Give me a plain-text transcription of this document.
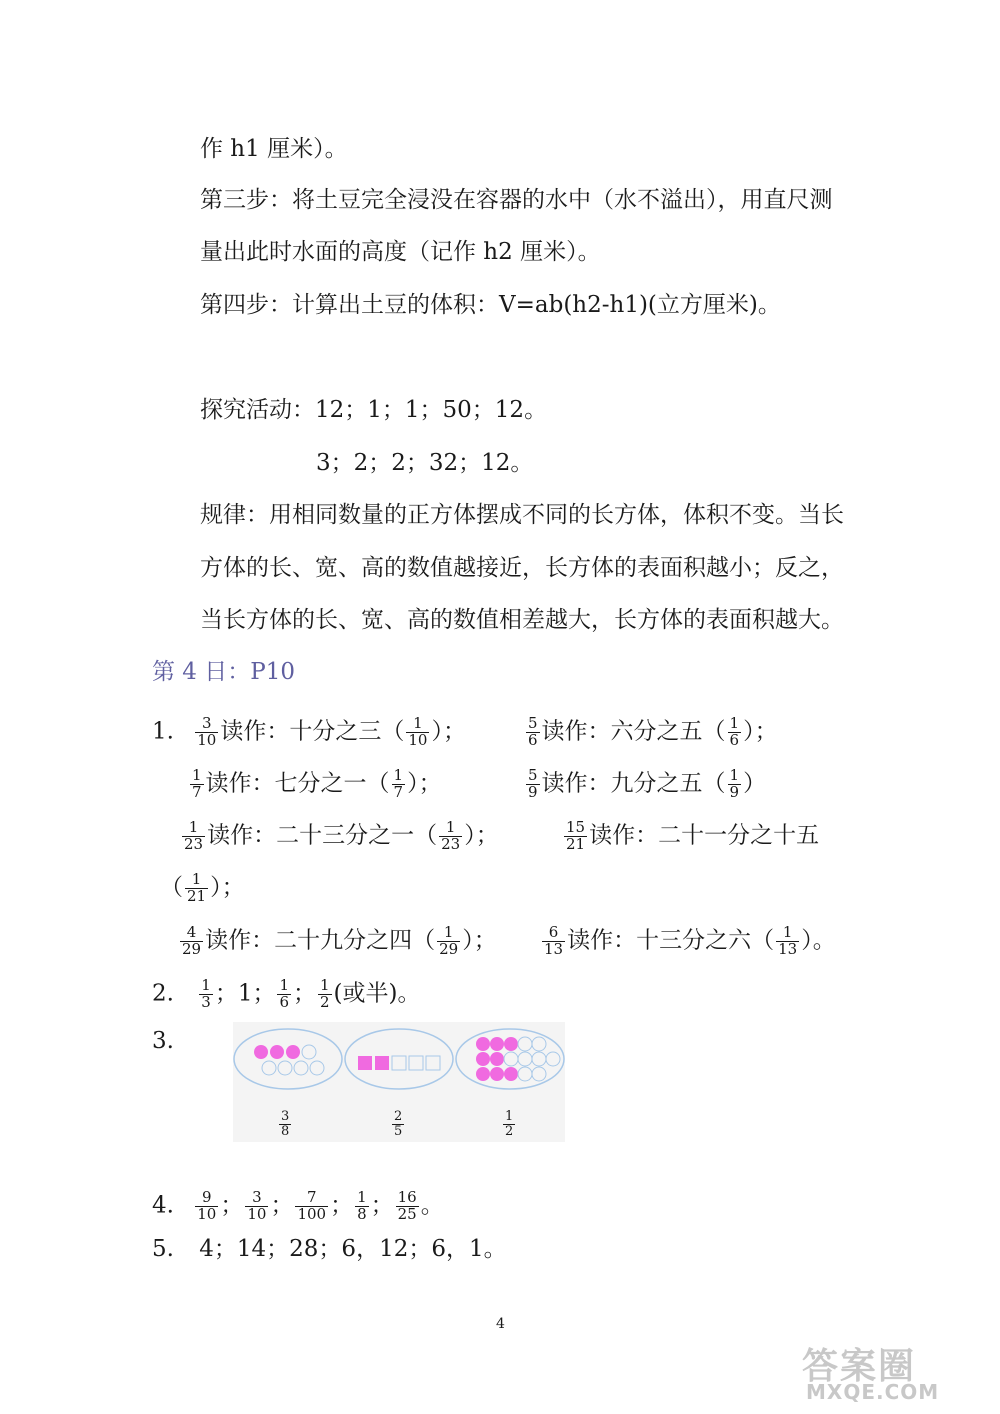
作 h1 厘米）。
第三步：将土豆完全浸没在容器的水中（水不溢出），用直尺测
量出此时水面的高度（记作 h2 厘米）。
第四步：计算出土豆的体积：V=ab(h2-h1)(立方厘米)。
探究活动：12；1；1；50；12。
3；2；2；32；12。
规律：用相同数量的正方体摆成不同的长方体，体积不变。当长
方体的长、宽、高的数值越接近，长方体的表面积越小；反之，
当长方体的长、宽、高的数值相差越大，长方体的表面积越大。
第 4 日：P10
1. $\frac{3}{10}$ 读作：十分之三（ $\frac{1}{10}$ ）；	$\frac{5}{6}$ 读作：六分之五（ $\frac{1}{6}$ ）；
$\frac{1}{7}$ 读作：七分之一（ $\frac{1}{7}$ ）；	$\frac{5}{9}$ 读作：九分之五（ $\frac{1}{9}$ ）
$\frac{1}{23}$ 读作：二十三分之一（ $\frac{1}{23}$ ）；	$\frac{15}{21}$ 读作：二十一分之十五
（ $\frac{1}{21}$ ）；
$\frac{4}{29}$ 读作：二十九分之四（ $\frac{1}{29}$ ）；	$\frac{6}{13}$ 读作：十三分之六（ $\frac{1}{13}$ ）。
2. $\frac{1}{3}$ ；1； $\frac{1}{6}$ ； $\frac{1}{2}$ (或半)。
3.
$\frac{3}{8}$	$\frac{2}{5}$	$\frac{1}{2}$
4. $\frac{9}{10}$ ； $\frac{3}{10}$ ； $\frac{7}{100}$ ； $\frac{1}{8}$ ； $\frac{16}{25}$ 。
5. 4；14；28；6，12；6，1。
4
答案圈
MXQE.COM
